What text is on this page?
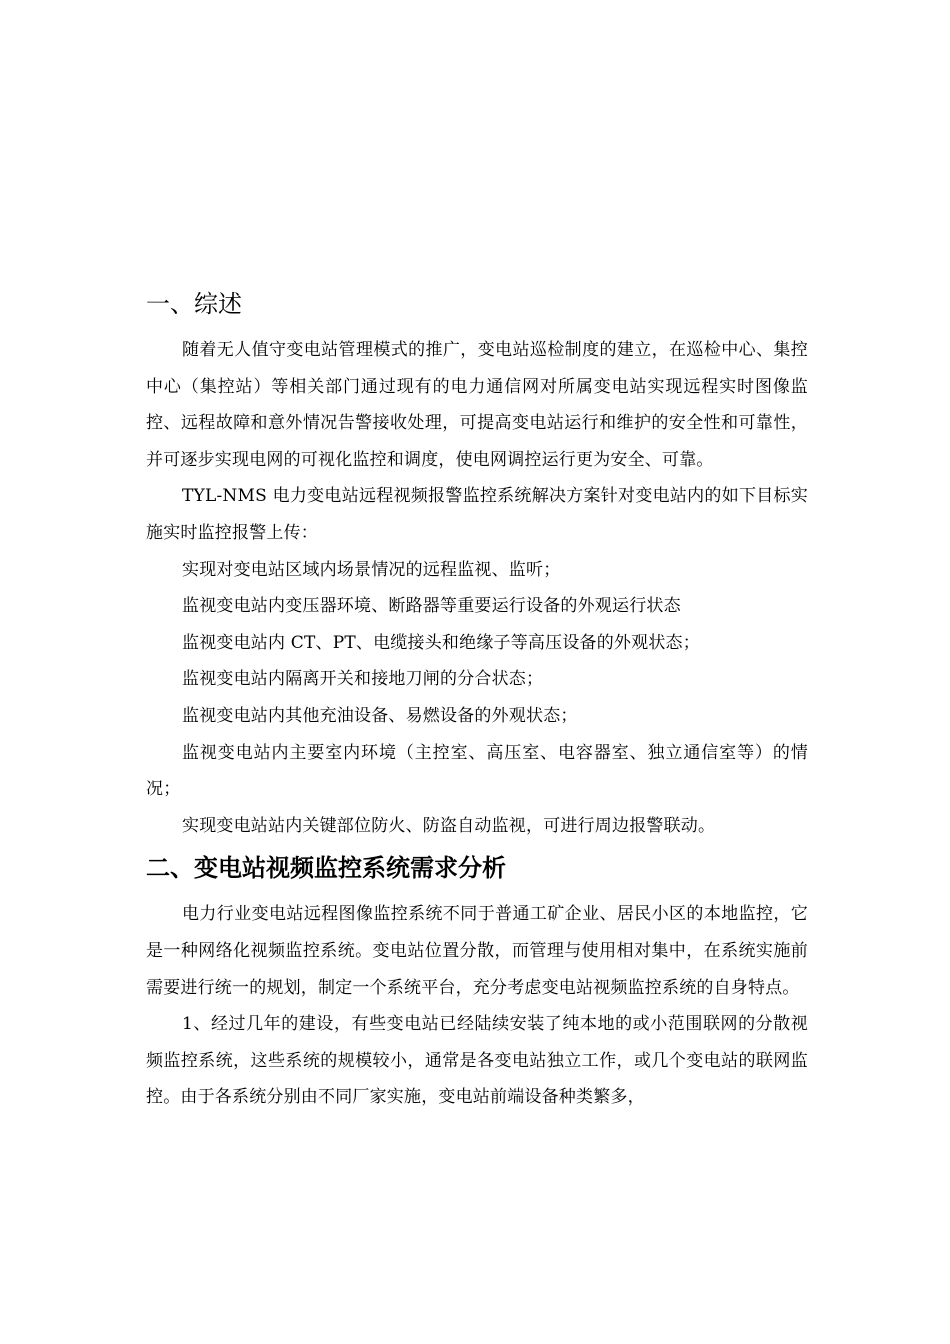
一、综述

随着无人值守变电站管理模式的推广，变电站巡检制度的建立，在巡检中心、集控中心（集控站）等相关部门通过现有的电力通信网对所属变电站实现远程实时图像监控、远程故障和意外情况告警接收处理，可提高变电站运行和维护的安全性和可靠性，并可逐步实现电网的可视化监控和调度，使电网调控运行更为安全、可靠。

TYL-NMS 电力变电站远程视频报警监控系统解决方案针对变电站内的如下目标实施实时监控报警上传：

实现对变电站区域内场景情况的远程监视、监听；

监视变电站内变压器环境、断路器等重要运行设备的外观运行状态

监视变电站内 CT、PT、电缆接头和绝缘子等高压设备的外观状态；

监视变电站内隔离开关和接地刀闸的分合状态；

监视变电站内其他充油设备、易燃设备的外观状态；

监视变电站内主要室内环境（主控室、高压室、电容器室、独立通信室等）的情况；

实现变电站站内关键部位防火、防盗自动监视，可进行周边报警联动。

二、变电站视频监控系统需求分析

电力行业变电站远程图像监控系统不同于普通工矿企业、居民小区的本地监控，它是一种网络化视频监控系统。变电站位置分散，而管理与使用相对集中，在系统实施前需要进行统一的规划，制定一个系统平台，充分考虑变电站视频监控系统的自身特点。

1、经过几年的建设，有些变电站已经陆续安装了纯本地的或小范围联网的分散视频监控系统，这些系统的规模较小，通常是各变电站独立工作，或几个变电站的联网监控。由于各系统分别由不同厂家实施，变电站前端设备种类繁多，
